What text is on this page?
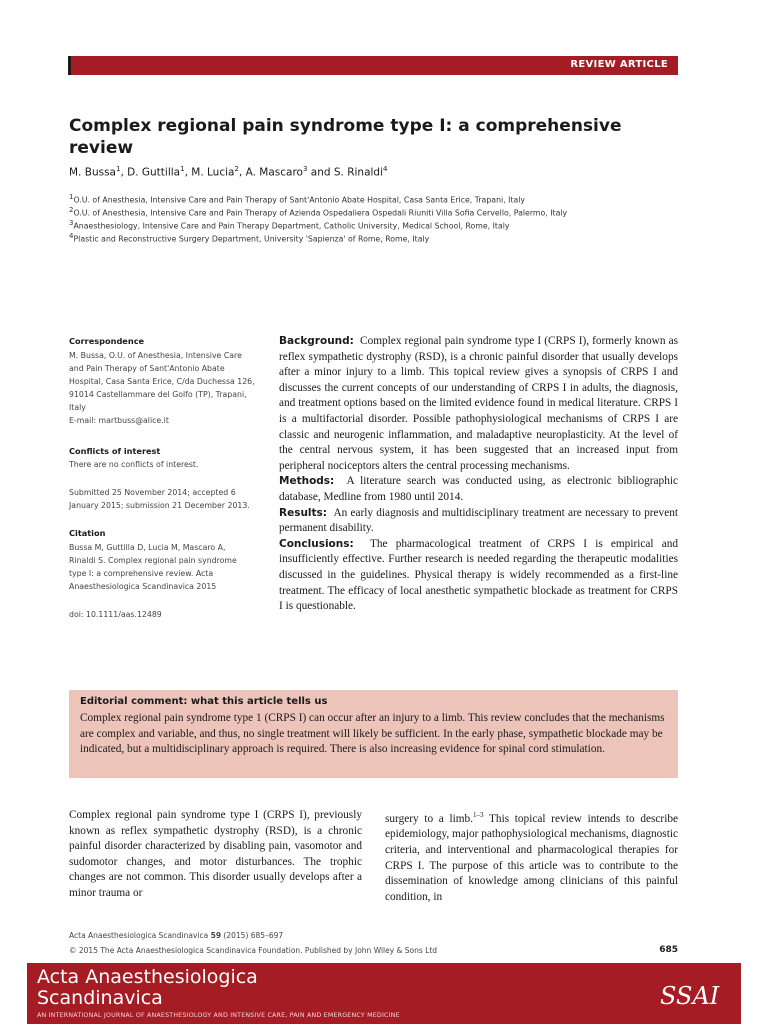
REVIEW ARTICLE
Complex regional pain syndrome type I: a comprehensive review
M. Bussa$^1$, D. Guttilla$^1$, M. Lucia$^2$, A. Mascaro$^3$ and S. Rinaldi$^4$
$^1$O.U. of Anesthesia, Intensive Care and Pain Therapy of Sant'Antonio Abate Hospital, Casa Santa Erice, Trapani, Italy
$^2$O.U. of Anesthesia, Intensive Care and Pain Therapy of Azienda Ospedaliera Ospedali Riuniti Villa Sofia Cervello, Palermo, Italy
$^3$Anaesthesiology, Intensive Care and Pain Therapy Department, Catholic University, Medical School, Rome, Italy
$^4$Plastic and Reconstructive Surgery Department, University 'Sapienza' of Rome, Rome, Italy
Correspondence
M. Bussa, O.U. of Anesthesia, Intensive Care
and Pain Therapy of Sant'Antonio Abate
Hospital, Casa Santa Erice, C/da Duchessa 126,
91014 Castellammare del Golfo (TP), Trapani,
Italy
E-mail: martbuss@alice.it
Conflicts of interest
There are no conflicts of interest.
Submitted 25 November 2014; accepted 6
January 2015; submission 21 December 2013.
Citation
Bussa M, Guttilla D, Lucia M, Mascaro A,
Rinaldi S. Complex regional pain syndrome
type I: a comprehensive review. Acta
Anaesthesiologica Scandinavica 2015
doi: 10.1111/aas.12489

Background: Complex regional pain syndrome type I (CRPS I), formerly known as reflex sympathetic dystrophy (RSD), is a chronic painful disorder that usually develops after a minor injury to a limb. This topical review gives a synopsis of CRPS I and discusses the current concepts of our understanding of CRPS I in adults, the diagnosis, and treatment options based on the limited evidence found in medical literature. CRPS I is a multifactorial disorder. Possible pathophysiological mechanisms of CRPS I are classic and neurogenic inflammation, and maladaptive neuroplasticity. At the level of the central nervous system, it has been suggested that an increased input from peripheral nociceptors alters the central processing mechanisms.

Methods: A literature search was conducted using, as electronic bibliographic database, Medline from 1980 until 2014.

Results: An early diagnosis and multidisciplinary treatment are necessary to prevent permanent disability.

Conclusions: The pharmacological treatment of CRPS I is empirical and insufficiently effective. Further research is needed regarding the therapeutic modalities discussed in the guidelines. Physical therapy is widely recommended as a first-line treatment. The efficacy of local anesthetic sympathetic blockade as treatment for CRPS I is questionable.

Editorial comment: what this article tells us
Complex regional pain syndrome type 1 (CRPS I) can occur after an injury to a limb. This review concludes that the mechanisms are complex and variable, and thus, no single treatment will likely be sufficient. In the early phase, sympathetic blockade may be indicated, but a multidisciplinary approach is required. There is also increasing evidence for spinal cord stimulation.
Complex regional pain syndrome type I (CRPS I), previously known as reflex sympathetic dystrophy (RSD), is a chronic painful disorder characterized by disabling pain, vasomotor and sudomotor changes, and motor disturbances. The trophic changes are not common. This disorder usually develops after a minor trauma or
surgery to a limb.$^{1-3}$ This topical review intends to describe epidemiology, major pathophysiological mechanisms, diagnostic criteria, and interventional and pharmacological therapies for CRPS I. The purpose of this article was to contribute to the dissemination of knowledge among clinicians of this painful condition, in
Acta Anaesthesiologica Scandinavica 59 (2015) 685–697
© 2015 The Acta Anaesthesiologica Scandinavica Foundation. Published by John Wiley & Sons Ltd	685
Acta Anaesthesiologica
Scandinavica
AN INTERNATIONAL JOURNAL OF ANAESTHESIOLOGY AND INTENSIVE CARE, PAIN AND EMERGENCY MEDICINE
SSAI
